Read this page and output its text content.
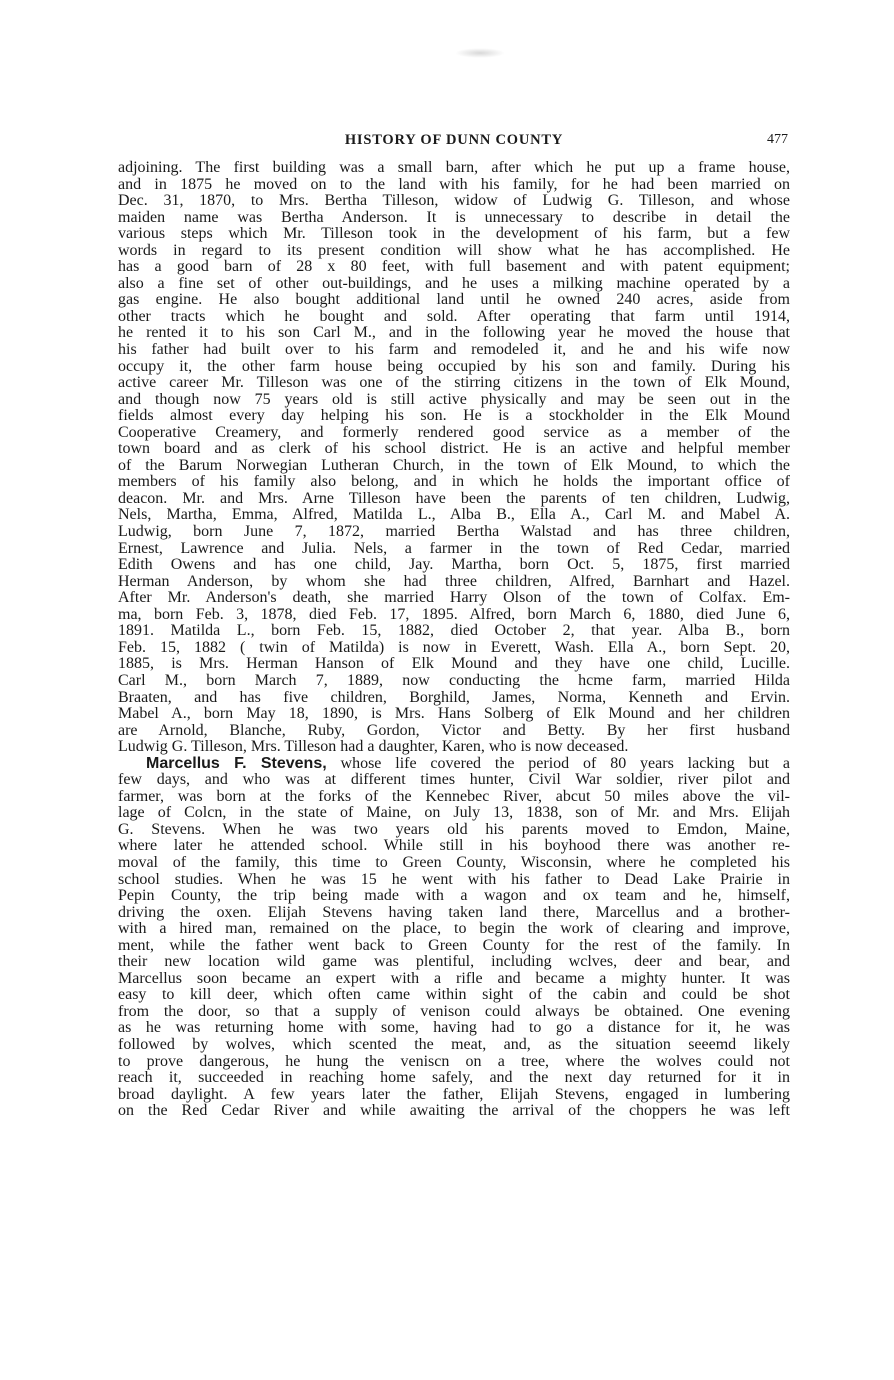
HISTORY OF DUNN COUNTY	477
adjoining. The first building was a small barn, after which he put up a frame house,
and in 1875 he moved on to the land with his family, for he had been married on
Dec. 31, 1870, to Mrs. Bertha Tilleson, widow of Ludwig G. Tilleson, and whose
maiden name was Bertha Anderson. It is unnecessary to describe in detail the
various steps which Mr. Tilleson took in the development of his farm, but a few
words in regard to its present condition will show what he has accomplished. He
has a good barn of 28 x 80 feet, with full basement and with patent equipment;
also a fine set of other out-buildings, and he uses a milking machine operated by a
gas engine. He also bought additional land until he owned 240 acres, aside from
other tracts which he bought and sold. After operating that farm until 1914,
he rented it to his son Carl M., and in the following year he moved the house that
his father had built over to his farm and remodeled it, and he and his wife now
occupy it, the other farm house being occupied by his son and family. During his
active career Mr. Tilleson was one of the stirring citizens in the town of Elk Mound,
and though now 75 years old is still active physically and may be seen out in the
fields almost every day helping his son. He is a stockholder in the Elk Mound
Cooperative Creamery, and formerly rendered good service as a member of the
town board and as clerk of his school district. He is an active and helpful member
of the Barum Norwegian Lutheran Church, in the town of Elk Mound, to which the
members of his family also belong, and in which he holds the important office of
deacon. Mr. and Mrs. Arne Tilleson have been the parents of ten children, Ludwig,
Nels, Martha, Emma, Alfred, Matilda L., Alba B., Ella A., Carl M. and Mabel A.
Ludwig, born June 7, 1872, married Bertha Walstad and has three children,
Ernest, Lawrence and Julia. Nels, a farmer in the town of Red Cedar, married
Edith Owens and has one child, Jay. Martha, born Oct. 5, 1875, first married
Herman Anderson, by whom she had three children, Alfred, Barnhart and Hazel.
After Mr. Anderson's death, she married Harry Olson of the town of Colfax. Em-
ma, born Feb. 3, 1878, died Feb. 17, 1895. Alfred, born March 6, 1880, died June 6,
1891. Matilda L., born Feb. 15, 1882, died October 2, that year. Alba B., born
Feb. 15, 1882 ( twin of Matilda) is now in Everett, Wash. Ella A., born Sept. 20,
1885, is Mrs. Herman Hanson of Elk Mound and they have one child, Lucille.
Carl M., born March 7, 1889, now conducting the hcme farm, married Hilda
Braaten, and has five children, Borghild, James, Norma, Kenneth and Ervin.
Mabel A., born May 18, 1890, is Mrs. Hans Solberg of Elk Mound and her children
are Arnold, Blanche, Ruby, Gordon, Victor and Betty. By her first husband
Ludwig G. Tilleson, Mrs. Tilleson had a daughter, Karen, who is now deceased.
Marcellus F. Stevens, whose life covered the period of 80 years lacking but a
few days, and who was at different times hunter, Civil War soldier, river pilot and
farmer, was born at the forks of the Kennebec River, abcut 50 miles above the vil-
lage of Colcn, in the state of Maine, on July 13, 1838, son of Mr. and Mrs. Elijah
G. Stevens. When he was two years old his parents moved to Emdon, Maine,
where later he attended school. While still in his boyhood there was another re-
moval of the family, this time to Green County, Wisconsin, where he completed his
school studies. When he was 15 he went with his father to Dead Lake Prairie in
Pepin County, the trip being made with a wagon and ox team and he, himself,
driving the oxen. Elijah Stevens having taken land there, Marcellus and a brother-
with a hired man, remained on the place, to begin the work of clearing and improve,
ment, while the father went back to Green County for the rest of the family. In
their new location wild game was plentiful, including wclves, deer and bear, and
Marcellus soon became an expert with a rifle and became a mighty hunter. It was
easy to kill deer, which often came within sight of the cabin and could be shot
from the door, so that a supply of venison could always be obtained. One evening
as he was returning home with some, having had to go a distance for it, he was
followed by wolves, which scented the meat, and, as the situation seeemd likely
to prove dangerous, he hung the veniscn on a tree, where the wolves could not
reach it, succeeded in reaching home safely, and the next day returned for it in
broad daylight. A few years later the father, Elijah Stevens, engaged in lumbering
on the Red Cedar River and while awaiting the arrival of the choppers he was left
